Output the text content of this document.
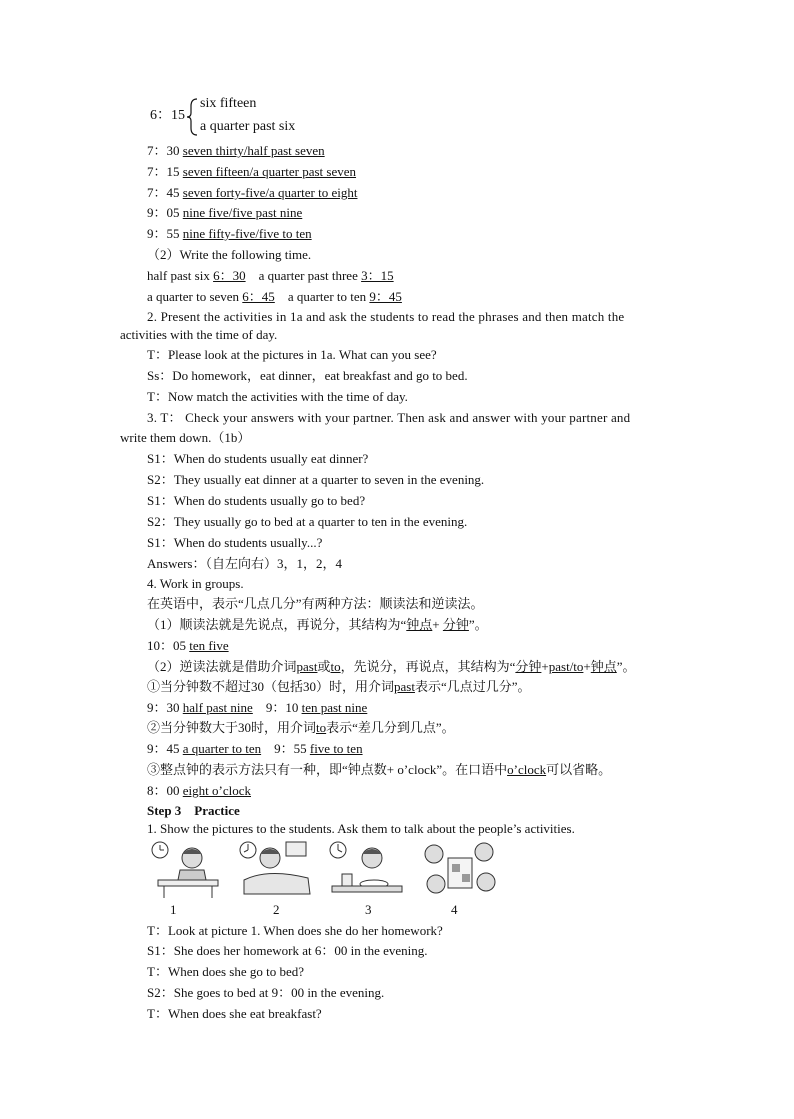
6：15
six fifteen
a quarter past six
7：30 seven thirty/half past seven
7：15 seven fifteen/a quarter past seven
7：45 seven forty-five/a quarter to eight
9：05 nine five/five past nine
9：55 nine fifty-five/five to ten
（2）Write the following time.
half past six 6：30　a quarter past three 3：15
a quarter to seven 6：45　a quarter to ten 9：45
2. Present the activities in 1a and ask the students to read the phrases and then match the
activities with the time of day.
T：Please look at the pictures in 1a. What can you see?
Ss：Do homework，eat dinner，eat breakfast and go to bed.
T：Now match the activities with the time of day.
3. T： Check your answers with your partner. Then ask and answer with your partner and
write them down.（1b）
S1：When do students usually eat dinner?
S2：They usually eat dinner at a quarter to seven in the evening.
S1：When do students usually go to bed?
S2：They usually go to bed at a quarter to ten in the evening.
S1：When do students usually...?
Answers：（自左向右）3，1，2，4
4. Work in groups.
在英语中，表示“几点几分”有两种方法：顺读法和逆读法。
（1）顺读法就是先说点，再说分，其结构为“钟点+ 分钟”。
10：05 ten five
（2）逆读法就是借助介词past或to，先说分，再说点，其结构为“分钟+past/to+钟点”。
①当分钟数不超过30（包括30）时，用介词past表示“几点过几分”。
9：30 half past nine　9：10 ten past nine
②当分钟数大于30时，用介词to表示“差几分到几点”。
9：45 a quarter to ten　9：55 five to ten
③整点钟的表示方法只有一种，即“钟点数+ o’clock”。在口语中o’clock可以省略。
8：00 eight o’clock
Step 3　Practice
1. Show the pictures to the students. Ask them to talk about the people’s activities.
1	2	3	4
T：Look at picture 1. When does she do her homework?
S1：She does her homework at 6：00 in the evening.
T：When does she go to bed?
S2：She goes to bed at 9：00 in the evening.
T：When does she eat breakfast?
